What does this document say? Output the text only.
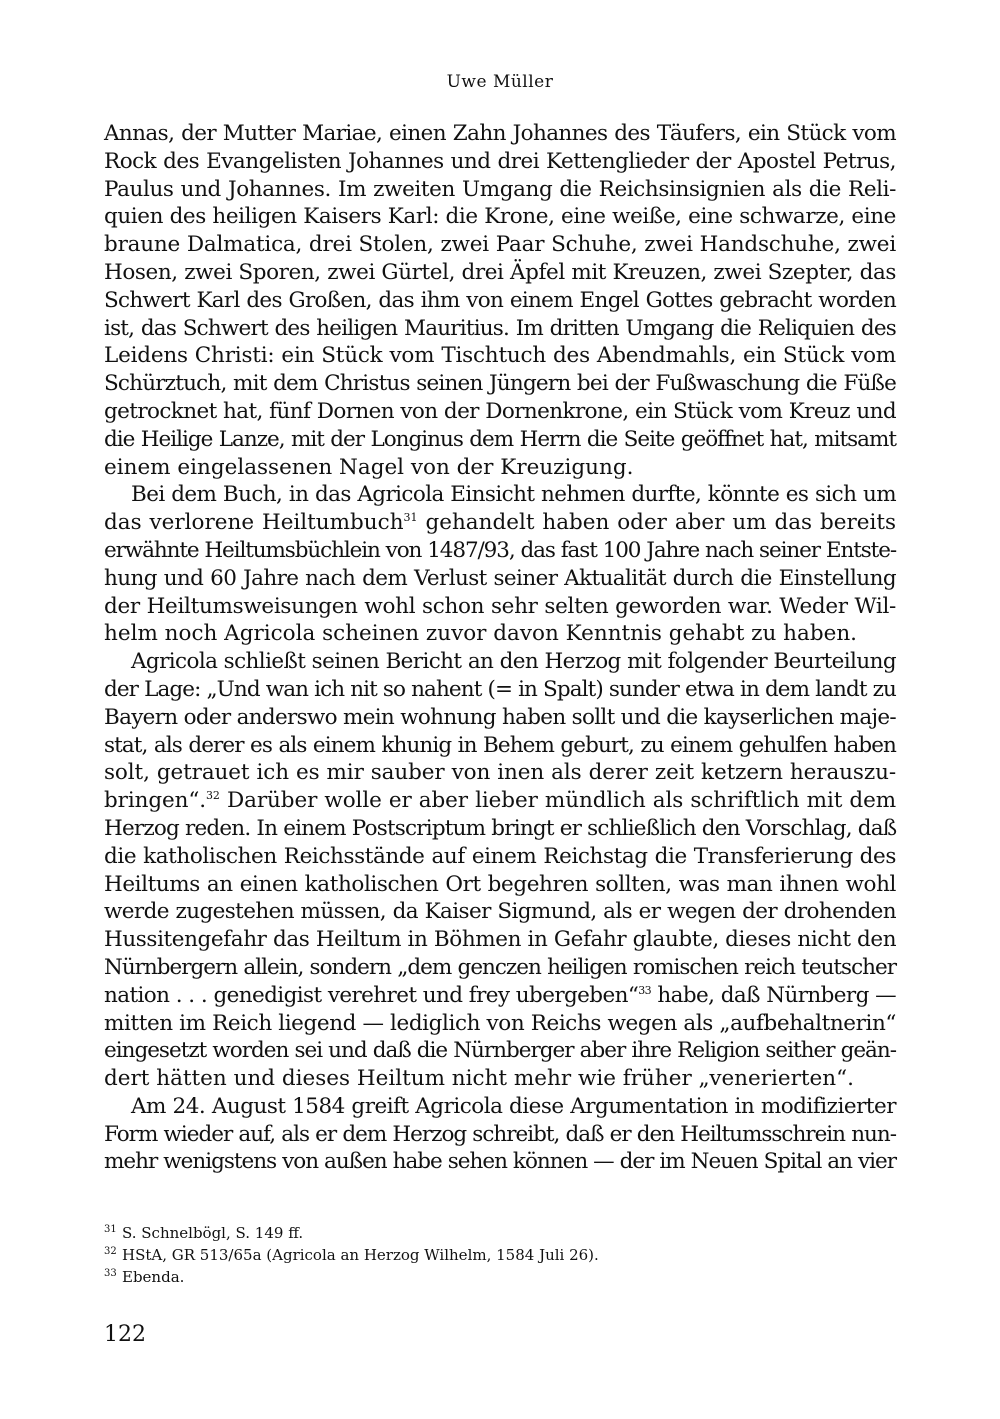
Uwe Müller
Annas, der Mutter Mariae, einen Zahn Johannes des Täufers, ein Stück vom
Rock des Evangelisten Johannes und drei Kettenglieder der Apostel Petrus,
Paulus und Johannes. Im zweiten Umgang die Reichsinsignien als die Reli-
quien des heiligen Kaisers Karl: die Krone, eine weiße, eine schwarze, eine
braune Dalmatica, drei Stolen, zwei Paar Schuhe, zwei Handschuhe, zwei
Hosen, zwei Sporen, zwei Gürtel, drei Äpfel mit Kreuzen, zwei Szepter, das
Schwert Karl des Großen, das ihm von einem Engel Gottes gebracht worden
ist, das Schwert des heiligen Mauritius. Im dritten Umgang die Reliquien des
Leidens Christi: ein Stück vom Tischtuch des Abendmahls, ein Stück vom
Schürztuch, mit dem Christus seinen Jüngern bei der Fußwaschung die Füße
getrocknet hat, fünf Dornen von der Dornenkrone, ein Stück vom Kreuz und
die Heilige Lanze, mit der Longinus dem Herrn die Seite geöffnet hat, mitsamt
einem eingelassenen Nagel von der Kreuzigung.
Bei dem Buch, in das Agricola Einsicht nehmen durfte, könnte es sich um
das verlorene Heiltumbuch$^{31}$ gehandelt haben oder aber um das bereits
erwähnte Heiltumsbüchlein von 1487/93, das fast 100 Jahre nach seiner Entste-
hung und 60 Jahre nach dem Verlust seiner Aktualität durch die Einstellung
der Heiltumsweisungen wohl schon sehr selten geworden war. Weder Wil-
helm noch Agricola scheinen zuvor davon Kenntnis gehabt zu haben.
Agricola schließt seinen Bericht an den Herzog mit folgender Beurteilung
der Lage: „Und wan ich nit so nahent (= in Spalt) sunder etwa in dem landt zu
Bayern oder anderswo mein wohnung haben sollt und die kayserlichen maje-
stat, als derer es als einem khunig in Behem geburt, zu einem gehulfen haben
solt, getrauet ich es mir sauber von inen als derer zeit ketzern herauszu-
bringen“.$^{32}$ Darüber wolle er aber lieber mündlich als schriftlich mit dem
Herzog reden. In einem Postscriptum bringt er schließlich den Vorschlag, daß
die katholischen Reichsstände auf einem Reichstag die Transferierung des
Heiltums an einen katholischen Ort begehren sollten, was man ihnen wohl
werde zugestehen müssen, da Kaiser Sigmund, als er wegen der drohenden
Hussitengefahr das Heiltum in Böhmen in Gefahr glaubte, dieses nicht den
Nürnbergern allein, sondern „dem genczen heiligen romischen reich teutscher
nation . . . genedigist verehret und frey ubergeben“$^{33}$ habe, daß Nürnberg —
mitten im Reich liegend — lediglich von Reichs wegen als „aufbehaltnerin“
eingesetzt worden sei und daß die Nürnberger aber ihre Religion seither geän-
dert hätten und dieses Heiltum nicht mehr wie früher „venerierten“.
Am 24. August 1584 greift Agricola diese Argumentation in modifizierter
Form wieder auf, als er dem Herzog schreibt, daß er den Heiltumsschrein nun-
mehr wenigstens von außen habe sehen können — der im Neuen Spital an vier
31 S. Schnelbögl, S. 149 ff.
32 HStA, GR 513/65a (Agricola an Herzog Wilhelm, 1584 Juli 26).
33 Ebenda.
122
